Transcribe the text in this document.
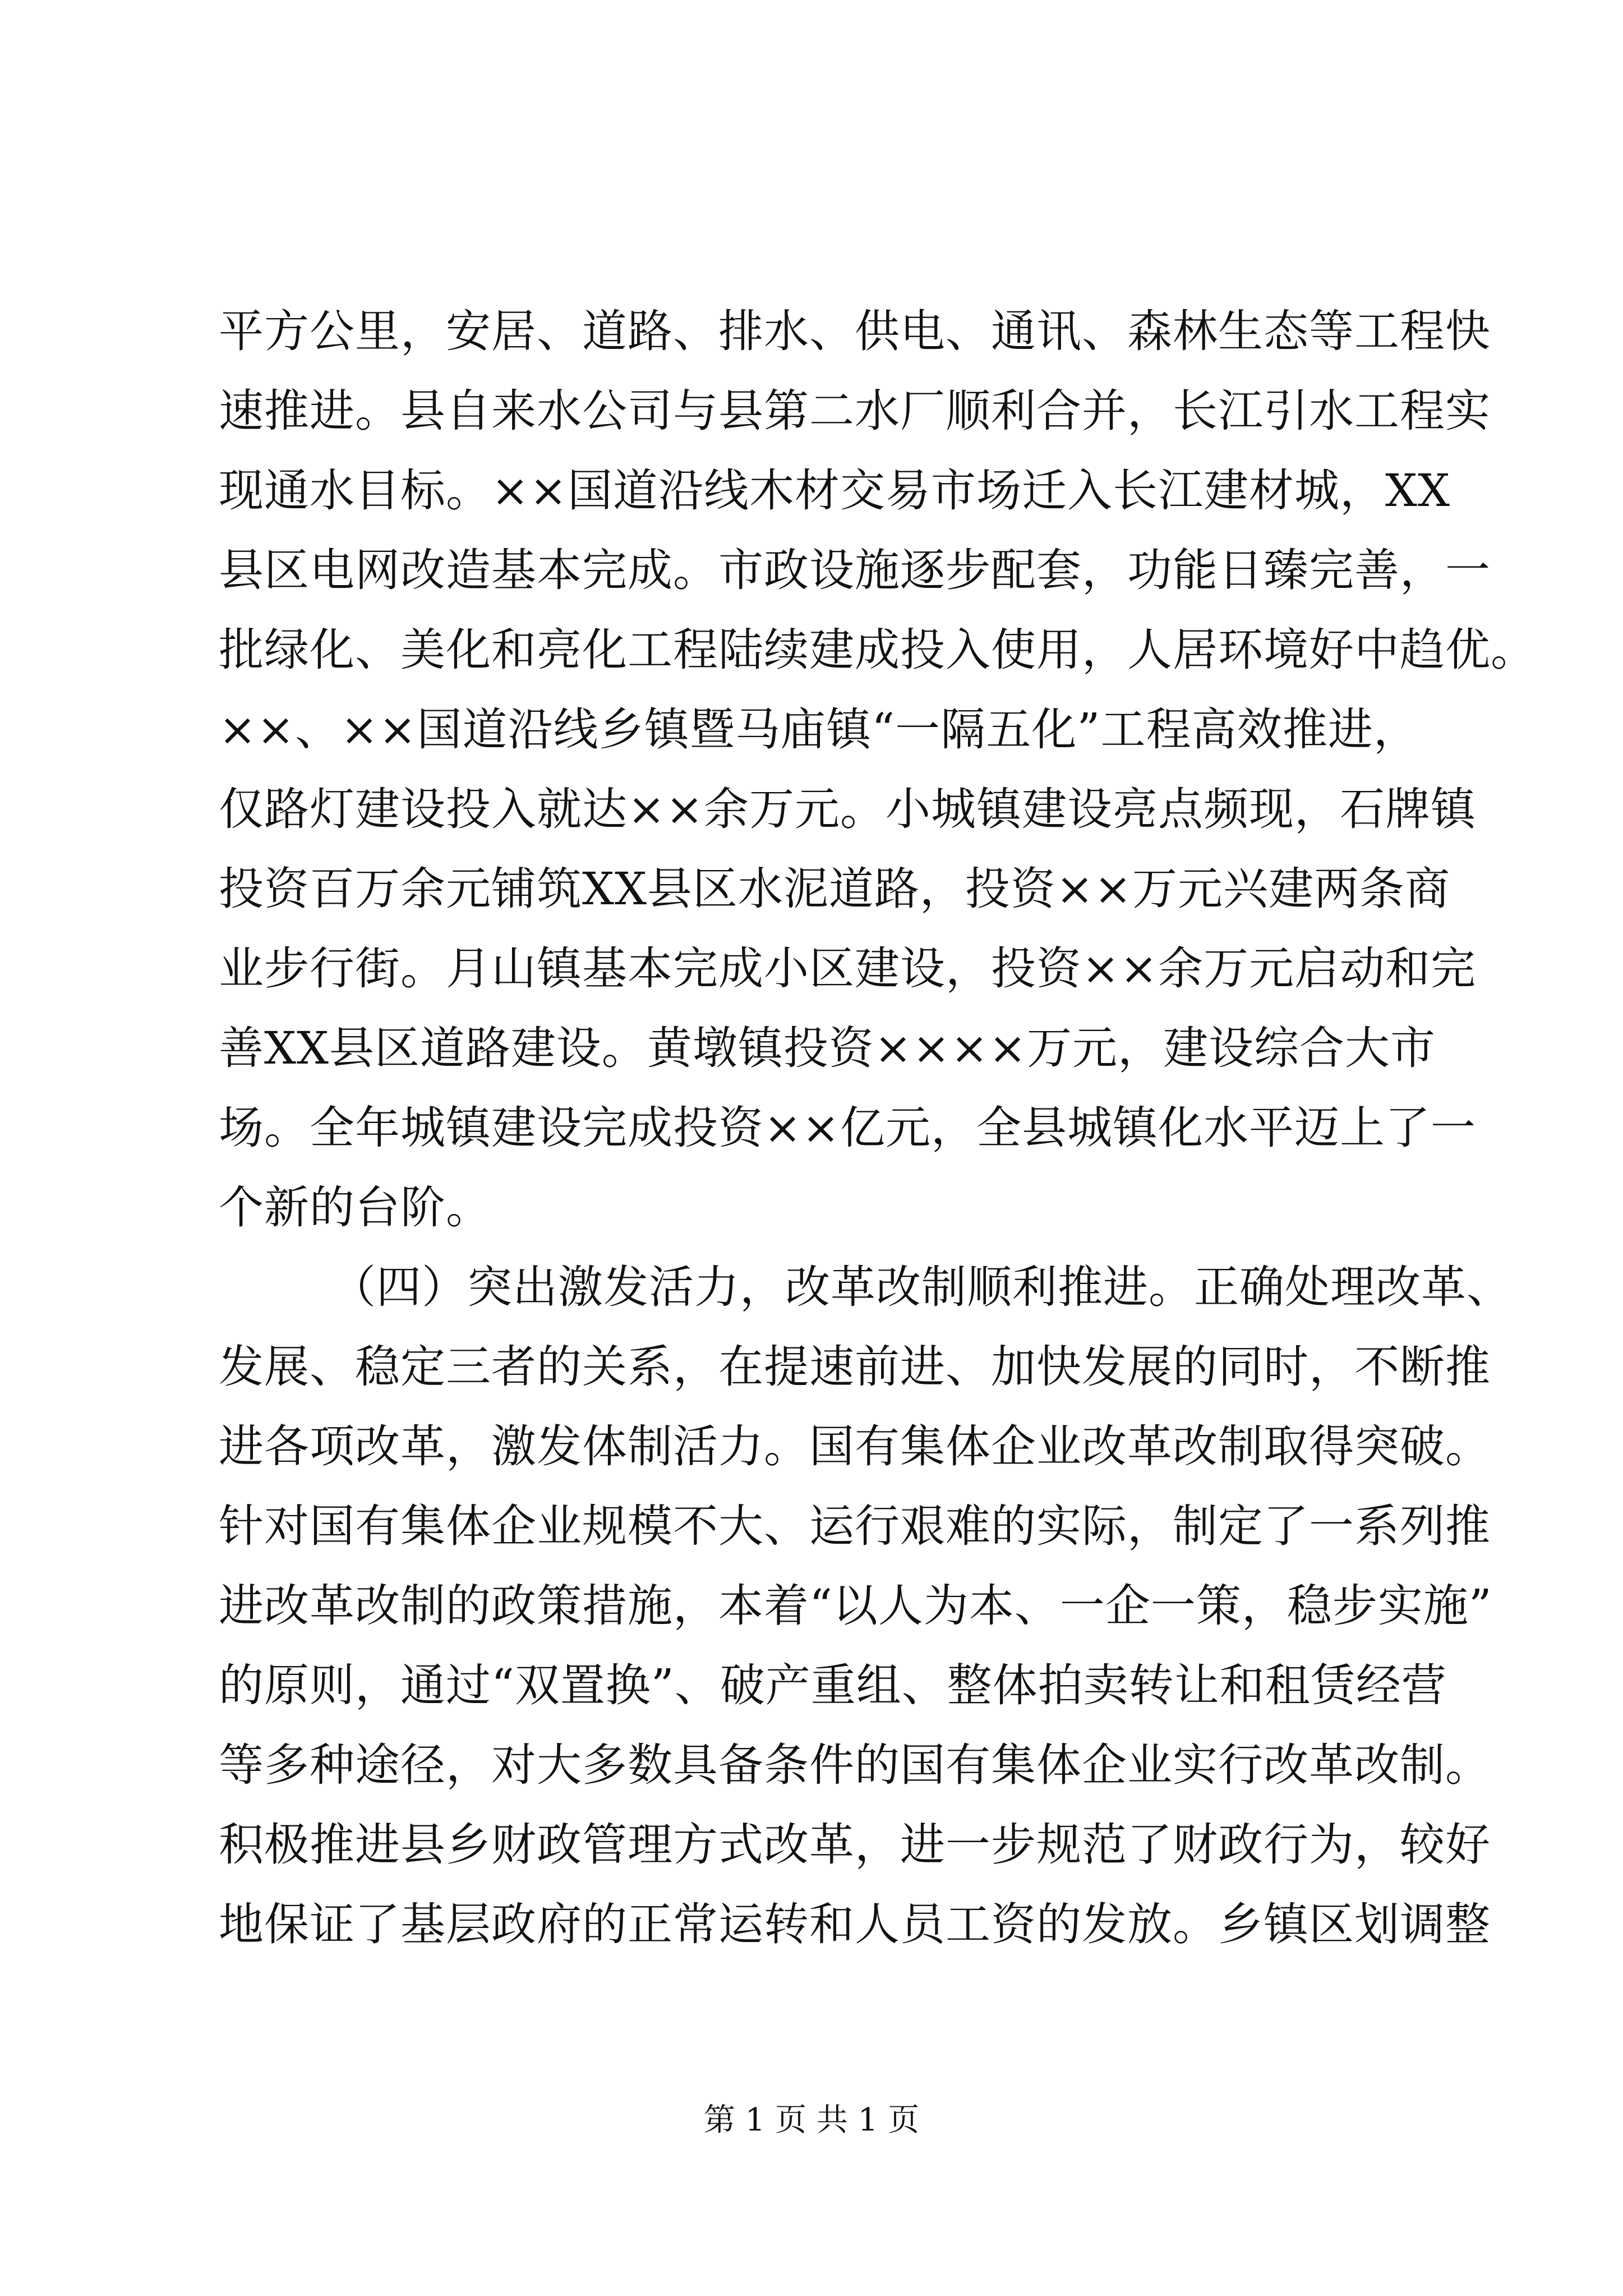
平方公里，安居、道路、排水、供电、通讯、森林生态等工程快
速推进。县自来水公司与县第二水厂顺利合并，长江引水工程实
现通水目标。××国道沿线木材交易市场迁入长江建材城，XX
县区电网改造基本完成。市政设施逐步配套，功能日臻完善，一
批绿化、美化和亮化工程陆续建成投入使用，人居环境好中趋优。
××、××国道沿线乡镇暨马庙镇“一隔五化”工程高效推进，
仅路灯建设投入就达××余万元。小城镇建设亮点频现，石牌镇
投资百万余元铺筑XX县区水泥道路，投资××万元兴建两条商
业步行街。月山镇基本完成小区建设，投资××余万元启动和完
善XX县区道路建设。黄墩镇投资××××万元，建设综合大市
场。全年城镇建设完成投资××亿元，全县城镇化水平迈上了一
个新的台阶。
（四）突出激发活力，改革改制顺利推进。正确处理改革、
发展、稳定三者的关系，在提速前进、加快发展的同时，不断推
进各项改革，激发体制活力。国有集体企业改革改制取得突破。
针对国有集体企业规模不大、运行艰难的实际，制定了一系列推
进改革改制的政策措施，本着“以人为本、一企一策，稳步实施”
的原则，通过“双置换”、破产重组、整体拍卖转让和租赁经营
等多种途径，对大多数具备条件的国有集体企业实行改革改制。
积极推进县乡财政管理方式改革，进一步规范了财政行为，较好
地保证了基层政府的正常运转和人员工资的发放。乡镇区划调整
第 1 页 共 1 页
